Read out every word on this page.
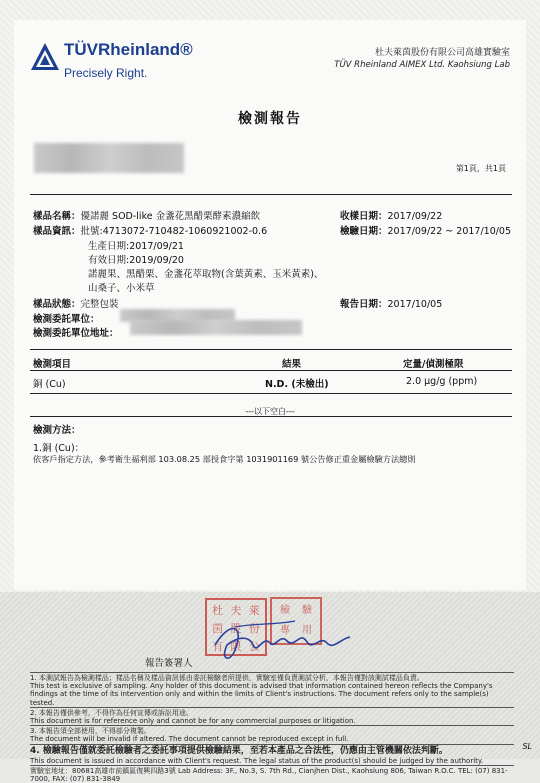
TÜVRheinland®
Precisely Right.
杜夫萊茵股份有限公司高雄實驗室
TÜV Rheinland AIMEX Ltd. Kaohsiung Lab
檢測報告
第1頁，共1頁
樣品名稱：優諾麗 SOD-like 金盞花黑醋栗酵素濃縮飲	收樣日期：2017/09/22
樣品資訊：批號:4713072-710482-1060921002-0.6	檢驗日期：2017/09/22 ~ 2017/10/05
生產日期:2017/09/21
有效日期:2019/09/20
諾麗果、黑醋栗、金盞花萃取物(含葉黃素、玉米黃素)、
山桑子、小米草
樣品狀態：完整包裝	報告日期：2017/10/05
檢測委託單位：
檢測委託單位地址：
檢測項目	結果	定量/偵測極限
銅 (Cu)	N.D. (未檢出)	2.0 μg/g (ppm)
---以下空白---
檢測方法：
1.銅 (Cu)：
依客戶指定方法，參考衛生福利部 103.08.25 部授食字第 1031901169 號公告修正重金屬檢驗方法總則
杜 夫 萊
茵 股 份
有 限 公
檢	驗
專	用
報告簽署人
1. 本測試報告為檢測樣品；樣品名稱及樣品資訊係由委託檢驗者所提供，實驗室僅負責測試分析，本報告僅對該測試樣品負責。
This test is exclusive of sampling. Any holder of this document is advised that information contained hereon reflects the Company's findings at the time of its intervention only and within the limits of Client's instructions. The document refers only to the sample(s) tested.
2. 本報告僅供參考，不得作為任何宣傳或訴訟用途。
This document is for reference only and cannot be for any commercial purposes or litigation.
3. 本報告須全部使用，不得部分複製。
The document will be invalid if altered. The document cannot be reproduced except in full.
4. 檢驗報告僅就委託檢驗者之委託事項提供檢驗結果，至若本產品之合法性，仍應由主管機關依法判斷。
This document is issued in accordance with Client's request. The legal status of the product(s) should be judged by the authority.
實驗室地址：80681高雄市前鎮區復興四路3號 Lab Address: 3F., No.3, S. 7th Rd., Cianjhen Dist., Kaohsiung 806, Taiwan R.O.C. TEL: (07) 831-7000, FAX: (07) 831-3849
SL
